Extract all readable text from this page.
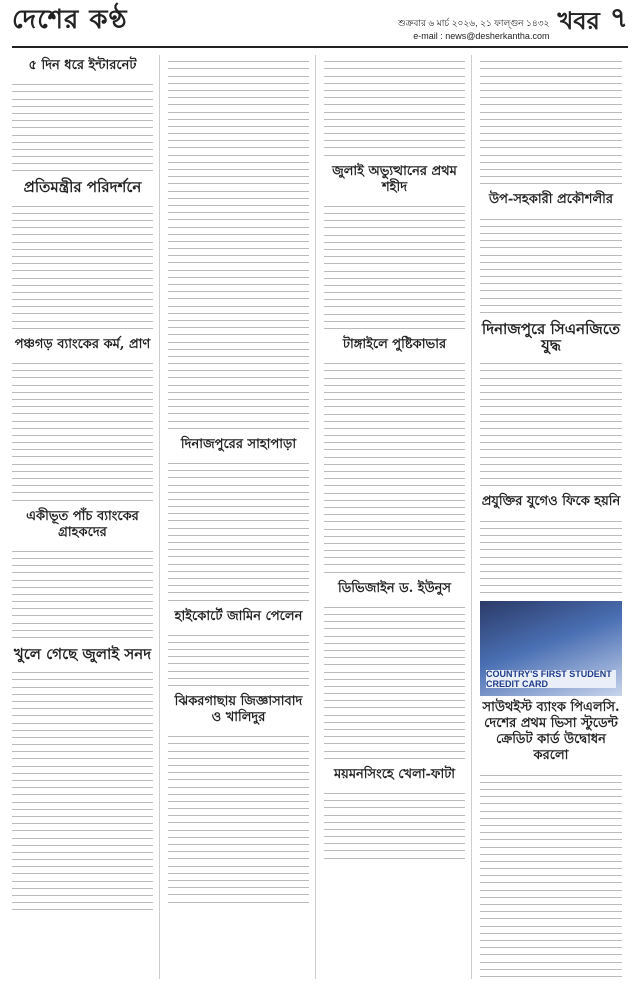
দেশের কণ্ঠ	শুক্রবার ৬ মার্চ ২০২৬, ২১ ফাল্গুন ১৪৩২
e-mail : news@desherkantha.com
খবর ৭
৫ দিন ধরে ইন্টারনেট
প্রতিমন্ত্রীর পরিদর্শনে
পঞ্চগড় ব্যাংকের কর্ম, প্রাণ
একীভূত পাঁচ ব্যাংকের গ্রাহকদের
খুলে গেছে জুলাই সনদ
দিনাজপুরের সাহাপাড়া
হাইকোর্টে জামিন পেলেন
ঝিকরগাছায় জিজ্ঞাসাবাদ ও খালিদুর
জুলাই অভ্যুত্থানের প্রথম শহীদ
টাঙ্গাইলে পুষ্টিকাভার
ডিভিজাইন ড. ইউনুস
ময়মনসিংহে খেলা-ফাটা
উপ-সহকারী প্রকৌশলীর
দিনাজপুরে সিএনজিতে যুদ্ধ
প্রযুক্তির যুগেও ফিকে হয়নি
COUNTRY'S FIRST STUDENT CREDIT CARD
সাউথইস্ট ব্যাংক পিএলসি. দেশের প্রথম ভিসা স্টুডেন্ট ক্রেডিট কার্ড উদ্বোধন করলো
